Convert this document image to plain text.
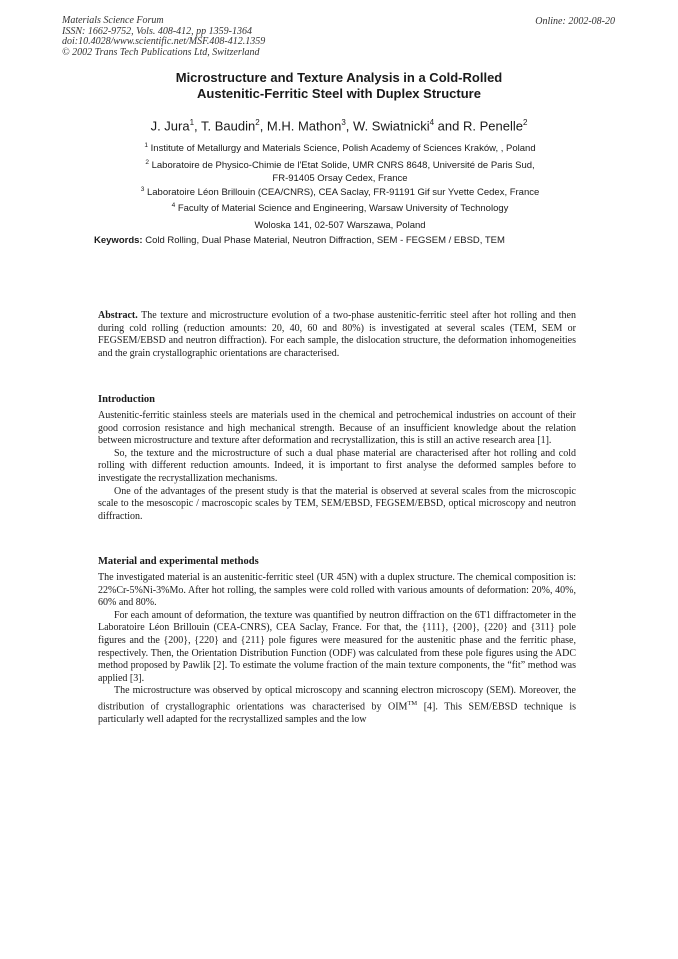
Materials Science Forum
ISSN: 1662-9752, Vols. 408-412, pp 1359-1364
doi:10.4028/www.scientific.net/MSF.408-412.1359
© 2002 Trans Tech Publications Ltd, Switzerland
Online: 2002-08-20
Microstructure and Texture Analysis in a Cold-Rolled
Austenitic-Ferritic Steel with Duplex Structure
J. Jura$^1$, T. Baudin$^2$, M.H. Mathon$^3$, W. Swiatnicki$^4$ and R. Penelle$^2$
$^1$ Institute of Metallurgy and Materials Science, Polish Academy of Sciences Kraków, , Poland
$^2$ Laboratoire de Physico-Chimie de l'Etat Solide, UMR CNRS 8648, Université de Paris Sud,
FR-91405 Orsay Cedex, France
$^3$ Laboratoire Léon Brillouin (CEA/CNRS), CEA Saclay, FR-91191 Gif sur Yvette Cedex, France
$^4$ Faculty of Material Science and Engineering, Warsaw University of Technology
Woloska 141, 02-507 Warszawa, Poland
Keywords: Cold Rolling, Dual Phase Material, Neutron Diffraction, SEM - FEGSEM / EBSD, TEM

Abstract. The texture and microstructure evolution of a two-phase austenitic-ferritic steel after hot rolling and then during cold rolling (reduction amounts: 20, 40, 60 and 80%) is investigated at several scales (TEM, SEM or FEGSEM/EBSD and neutron diffraction). For each sample, the dislocation structure, the deformation inhomogeneities and the grain crystallographic orientations are characterised.

Introduction

Austenitic-ferritic stainless steels are materials used in the chemical and petrochemical industries on account of their good corrosion resistance and high mechanical strength. Because of an insufficient knowledge about the relation between microstructure and texture after deformation and recrystallization, this is still an active research area [1].

So, the texture and the microstructure of such a dual phase material are characterised after hot rolling and cold rolling with different reduction amounts. Indeed, it is important to first analyse the deformed samples before to investigate the recrystallization mechanisms.

One of the advantages of the present study is that the material is observed at several scales from the microscopic scale to the mesoscopic / macroscopic scales by TEM, SEM/EBSD, FEGSEM/EBSD, optical microscopy and neutron diffraction.

Material and experimental methods

The investigated material is an austenitic-ferritic steel (UR 45N) with a duplex structure. The chemical composition is: 22%Cr-5%Ni-3%Mo. After hot rolling, the samples were cold rolled with various amounts of deformation: 20%, 40%, 60% and 80%.

For each amount of deformation, the texture was quantified by neutron diffraction on the 6T1 diffractometer in the Laboratoire Léon Brillouin (CEA-CNRS), CEA Saclay, France. For that, the {111}, {200}, {220} and {311} pole figures and the {200}, {220} and {211} pole figures were measured for the austenitic phase and the ferritic phase, respectively. Then, the Orientation Distribution Function (ODF) was calculated from these pole figures using the ADC method proposed by Pawlik [2]. To estimate the volume fraction of the main texture components, the “fit” method was applied [3].

The microstructure was observed by optical microscopy and scanning electron microscopy (SEM). Moreover, the distribution of crystallographic orientations was characterised by OIM™ [4]. This SEM/EBSD technique is particularly well adapted for the recrystallized samples and the low
